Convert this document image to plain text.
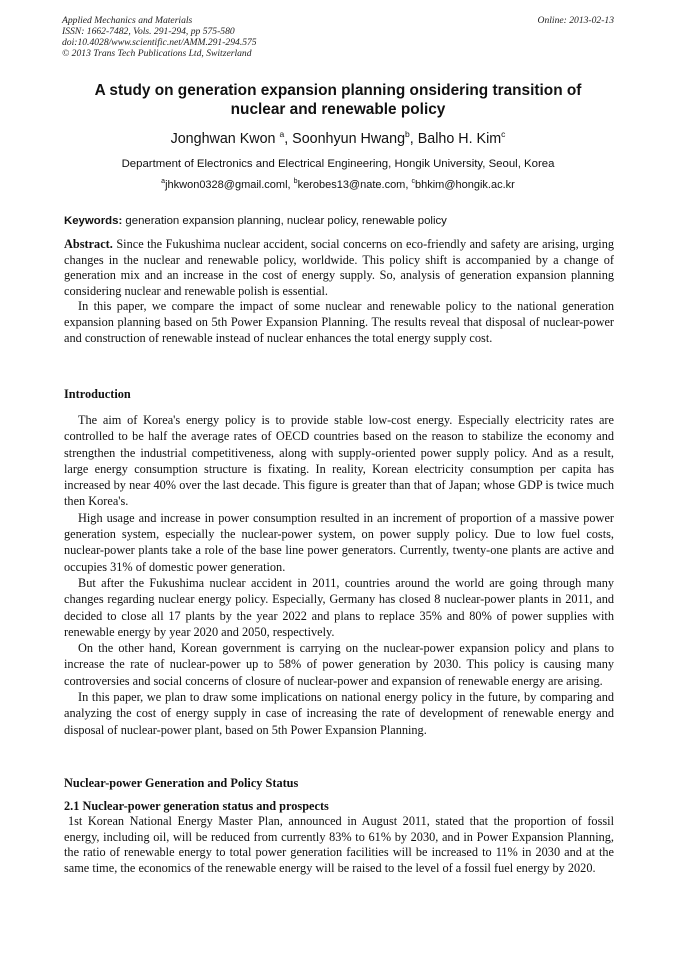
Applied Mechanics and Materials
ISSN: 1662-7482, Vols. 291-294, pp 575-580
doi:10.4028/www.scientific.net/AMM.291-294.575
© 2013 Trans Tech Publications Ltd, Switzerland
Online: 2013-02-13
A study on generation expansion planning onsidering transition of
nuclear and renewable policy
Jonghwan Kwon $^a$, Soonhyun Hwang$^b$, Balho H. Kim$^c$
Department of Electronics and Electrical Engineering, Hongik University, Seoul, Korea
$^a$jhkwon0328@gmail.coml, $^b$kerobes13@nate.com, $^c$bhkim@hongik.ac.kr
Keywords: generation expansion planning, nuclear policy, renewable policy

Abstract. Since the Fukushima nuclear accident, social concerns on eco-friendly and safety are arising, urging changes in the nuclear and renewable policy, worldwide. This policy shift is accompanied by a change of generation mix and an increase in the cost of energy supply. So, analysis of generation expansion planning considering nuclear and renewable polish is essential.

In this paper, we compare the impact of some nuclear and renewable policy to the national generation expansion planning based on 5th Power Expansion Planning. The results reveal that disposal of nuclear-power and construction of renewable instead of nuclear enhances the total energy supply cost.

Introduction

The aim of Korea's energy policy is to provide stable low-cost energy. Especially electricity rates are controlled to be half the average rates of OECD countries based on the reason to stabilize the economy and strengthen the industrial competitiveness, along with supply-oriented power supply policy. And as a result, large energy consumption structure is fixating. In reality, Korean electricity consumption per capita has increased by near 40% over the last decade. This figure is greater than that of Japan; whose GDP is twice much then Korea's.

High usage and increase in power consumption resulted in an increment of proportion of a massive power generation system, especially the nuclear-power system, on power supply policy. Due to low fuel costs, nuclear-power plants take a role of the base line power generators. Currently, twenty-one plants are active and occupies 31% of domestic power generation.

But after the Fukushima nuclear accident in 2011, countries around the world are going through many changes regarding nuclear energy policy. Especially, Germany has closed 8 nuclear-power plants in 2011, and decided to close all 17 plants by the year 2022 and plans to replace 35% and 80% of power supplies with renewable energy by year 2020 and 2050, respectively.

On the other hand, Korean government is carrying on the nuclear-power expansion policy and plans to increase the rate of nuclear-power up to 58% of power generation by 2030. This policy is causing many controversies and social concerns of closure of nuclear-power and expansion of renewable energy are arising.

In this paper, we plan to draw some implications on national energy policy in the future, by comparing and analyzing the cost of energy supply in case of increasing the rate of development of renewable energy and disposal of nuclear-power plant, based on 5th Power Expansion Planning.

Nuclear-power Generation and Policy Status
2.1 Nuclear-power generation status and prospects

1st Korean National Energy Master Plan, announced in August 2011, stated that the proportion of fossil energy, including oil, will be reduced from currently 83% to 61% by 2030, and in Power Expansion Planning, the ratio of renewable energy to total power generation facilities will be increased to 11% in 2030 and at the same time, the economics of the renewable energy will be raised to the level of a fossil fuel energy by 2020.
